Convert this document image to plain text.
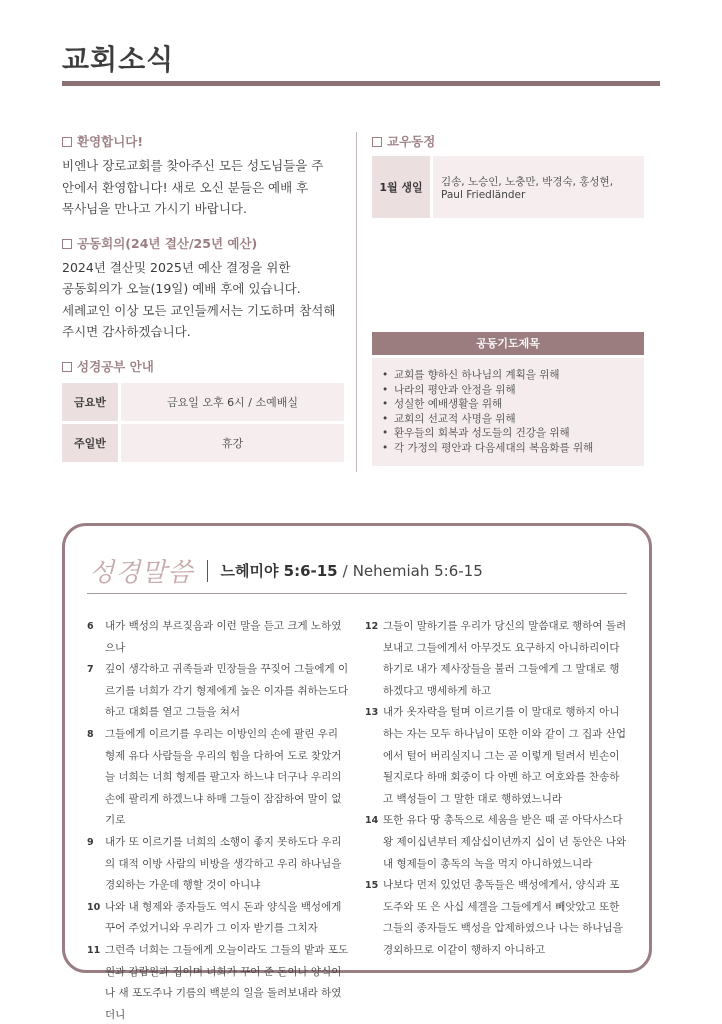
교회소식
환영합니다!
비엔나 장로교회를 찾아주신 모든 성도님들을 주
안에서 환영합니다! 새로 오신 분들은 예배 후
목사님을 만나고 가시기 바랍니다.
공동회의(24년 결산/25년 예산)
2024년 결산및 2025년 예산 결정을 위한
공동회의가 오늘(19일) 예배 후에 있습니다.
세례교인 이상 모든 교인들께서는 기도하며 참석해
주시면 감사하겠습니다.
성경공부 안내
금요반	금요일 오후 6시 / 소예배실
주일반	휴강
교우동정
1월 생일	김송, 노승인, 노충만, 박경숙, 홍성현, Paul Friedländer
공동기도제목
• 교회를 향하신 하나님의 계획을 위해
• 나라의 평안과 안정을 위해
• 성실한 예배생활을 위해
• 교회의 선교적 사명을 위해
• 환우들의 회복과 성도들의 건강을 위해
• 각 가정의 평안과 다음세대의 복음화를 위해
성경말씀 느헤미야 5:6-15 / Nehemiah 5:6-15
6	내가 백성의 부르짖음과 이런 말을 듣고 크게 노하였으나
7	깊이 생각하고 귀족들과 민장들을 꾸짖어 그들에게 이르기를 너희가 각기 형제에게 높은 이자를 취하는도다 하고 대회를 열고 그들을 쳐서
8	그들에게 이르기를 우리는 이방인의 손에 팔린 우리 형제 유다 사람들을 우리의 힘을 다하여 도로 찾았거늘 너희는 너희 형제를 팔고자 하느냐 더구나 우리의 손에 팔리게 하겠느냐 하매 그들이 잠잠하여 말이 없기로
9	내가 또 이르기를 너희의 소행이 좋지 못하도다 우리의 대적 이방 사람의 비방을 생각하고 우리 하나님을 경외하는 가운데 행할 것이 아니냐
10 나와 내 형제와 종자들도 역시 돈과 양식을 백성에게 꾸어 주었거니와 우리가 그 이자 받기를 그치자
11 그런즉 너희는 그들에게 오늘이라도 그들의 밭과 포도원과 감람원과 집이며 너희가 꾸어 준 돈이나 양식이나 새 포도주나 기름의 백분의 일을 돌려보내라 하였더니
12 그들이 말하기를 우리가 당신의 말씀대로 행하여 돌려보내고 그들에게서 아무것도 요구하지 아니하리이다 하기로 내가 제사장들을 불러 그들에게 그 말대로 행하겠다고 맹세하게 하고
13 내가 옷자락을 털며 이르기를 이 말대로 행하지 아니하는 자는 모두 하나님이 또한 이와 같이 그 집과 산업에서 털어 버리실지니 그는 곧 이렇게 털려서 빈손이 될지로다 하매 회중이 다 아멘 하고 여호와를 찬송하고 백성들이 그 말한 대로 행하였느니라
14 또한 유다 땅 총독으로 세움을 받은 때 곧 아닥사스다 왕 제이십년부터 제삼십이년까지 십이 년 동안은 나와 내 형제들이 총독의 녹을 먹지 아니하였느니라
15 나보다 먼저 있었던 총독들은 백성에게서, 양식과 포도주와 또 은 사십 세겔을 그들에게서 빼앗았고 또한 그들의 종자들도 백성을 압제하였으나 나는 하나님을 경외하므로 이같이 행하지 아니하고
